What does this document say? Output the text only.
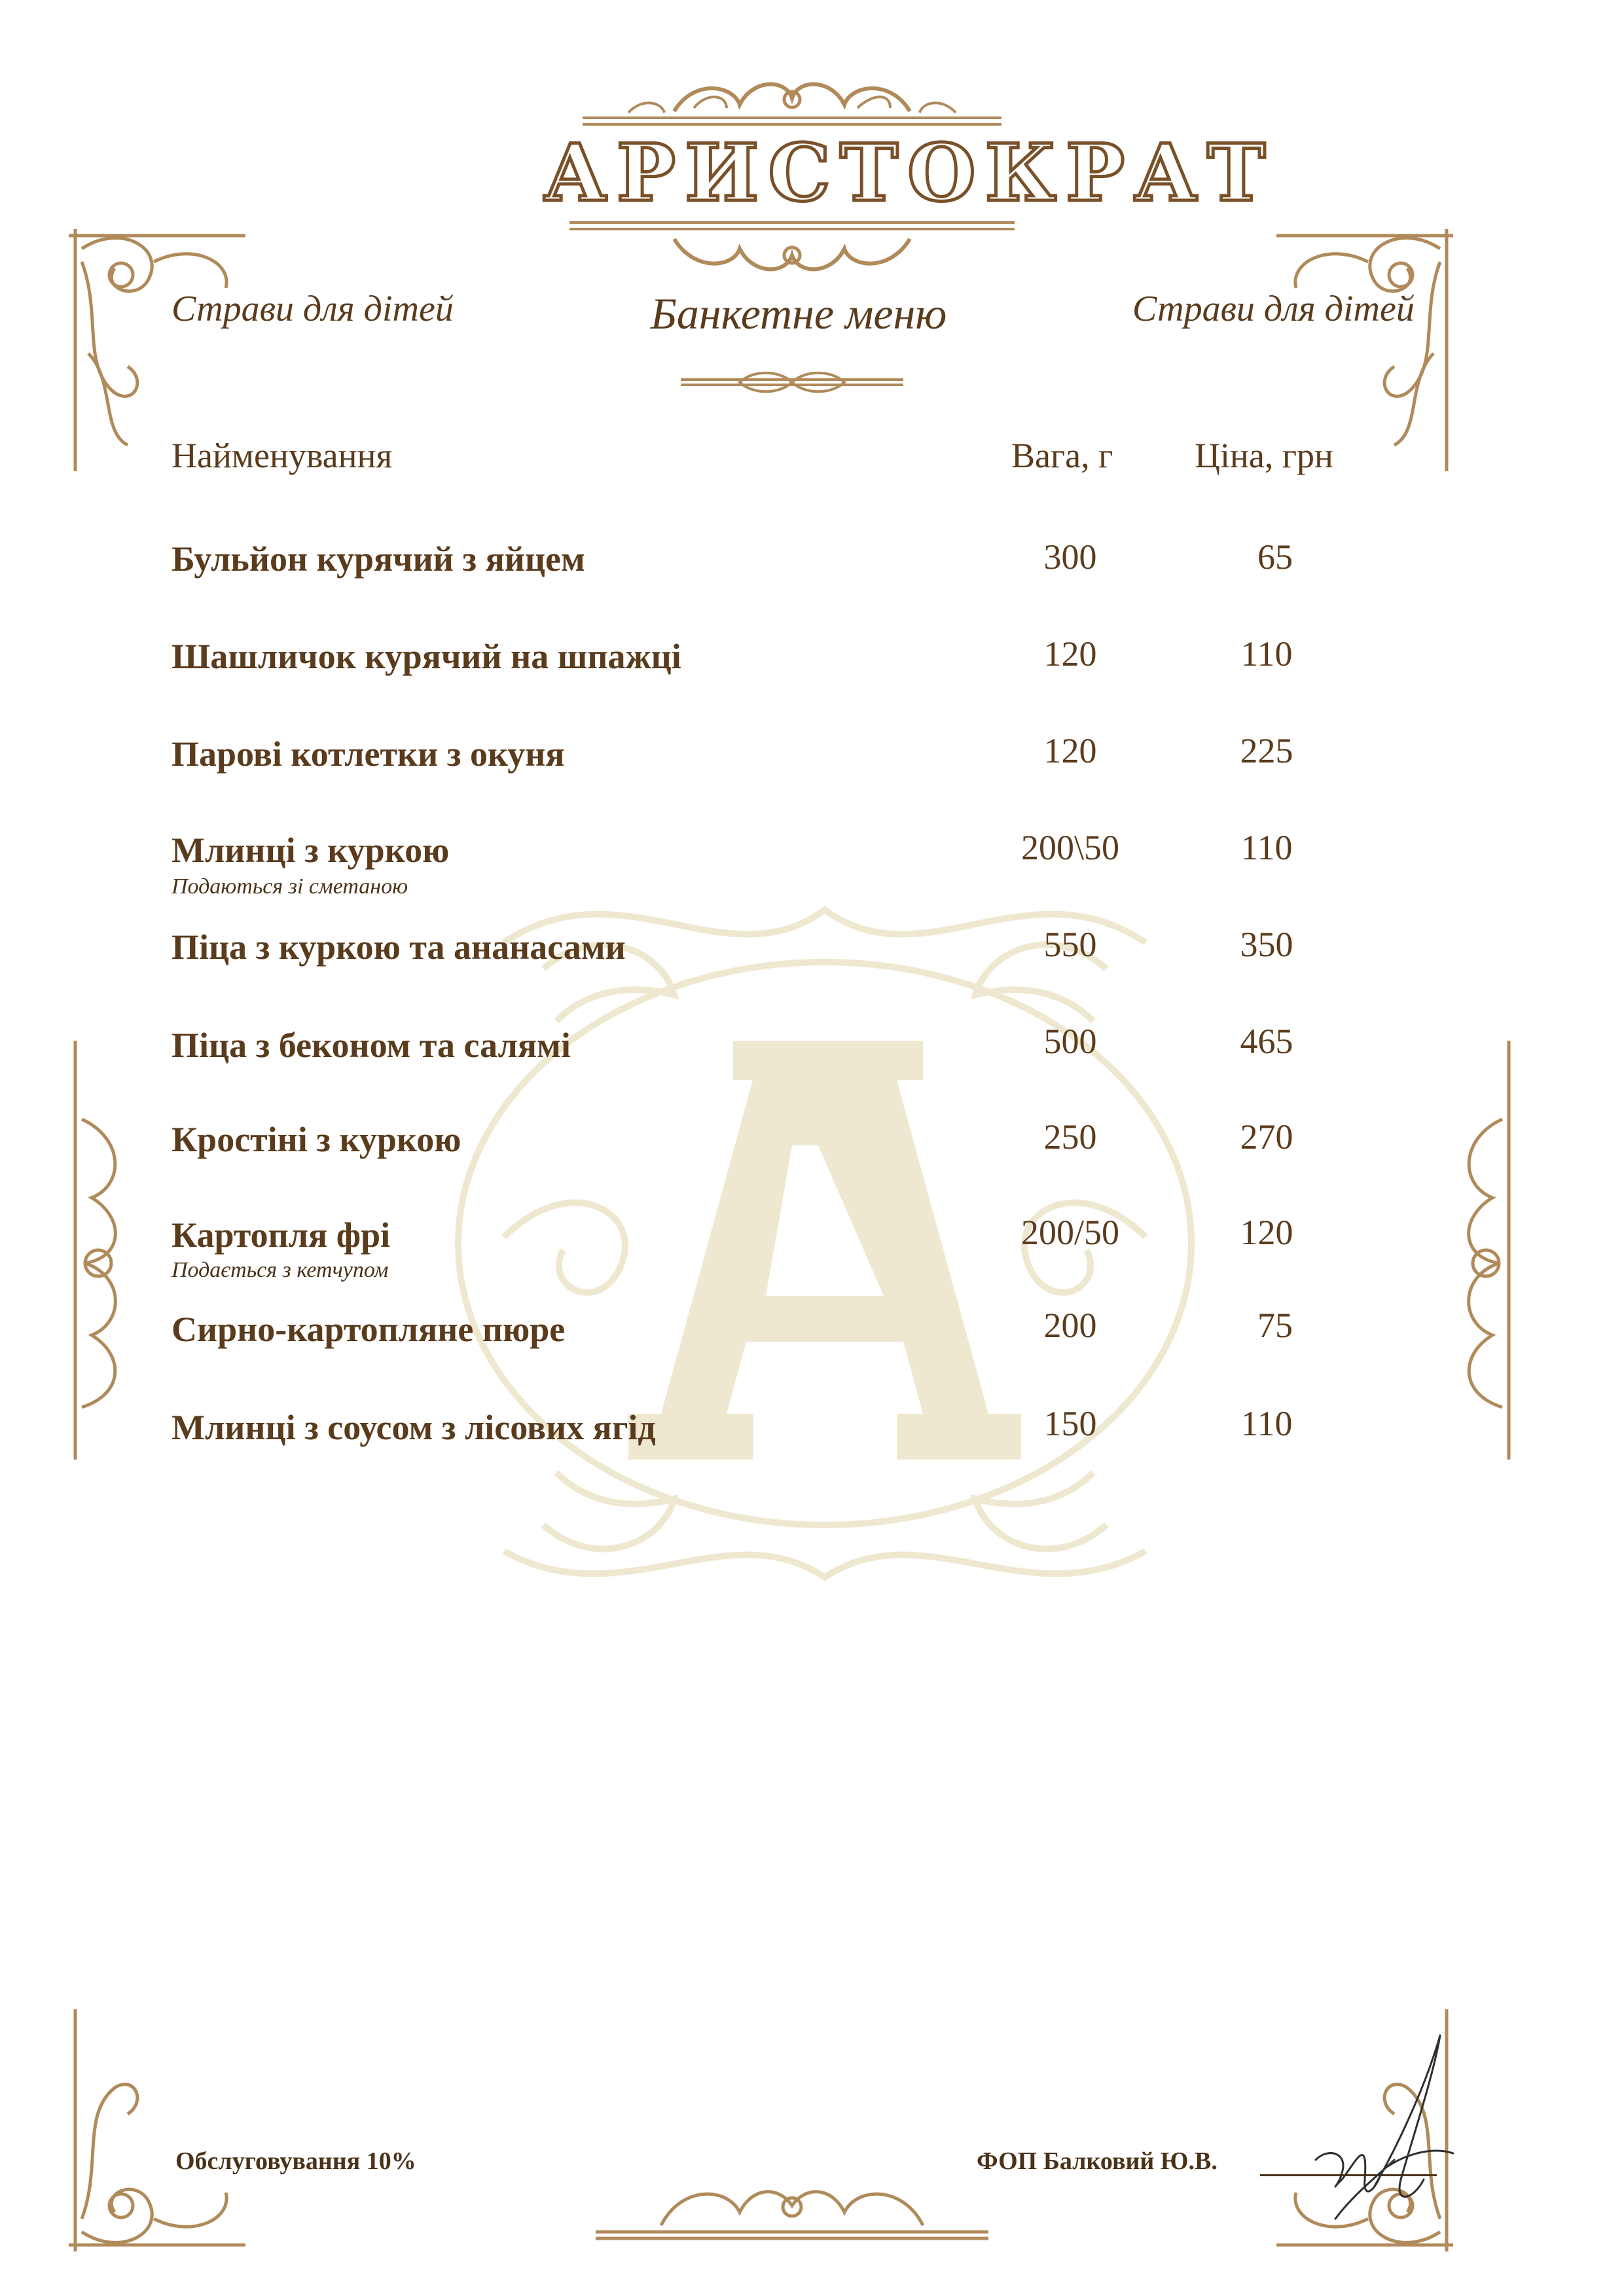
АРИСТОКРАТ
Страви для дітей	Банкетне меню	Страви для дітей
Найменування	Вага, г Ціна, грн
Бульйон курячий з яйцем	300	65
Шашличок курячий на шпажці	120	110
Парові котлетки з окуня	120	225
Млинці з куркою
Подаються зі сметаною
200\50	110
Піца з куркою та ананасами	550	350
Піца з беконом та салямі	500	465
Кростіні з куркою	250	270
Картопля фрі
Подається з кетчупом
200/50	120
Сирно-картопляне пюре	200	75
Млинці з соусом з лісових ягід	150	110
Обслуговування 10%	ФОП Балковий Ю.В.
